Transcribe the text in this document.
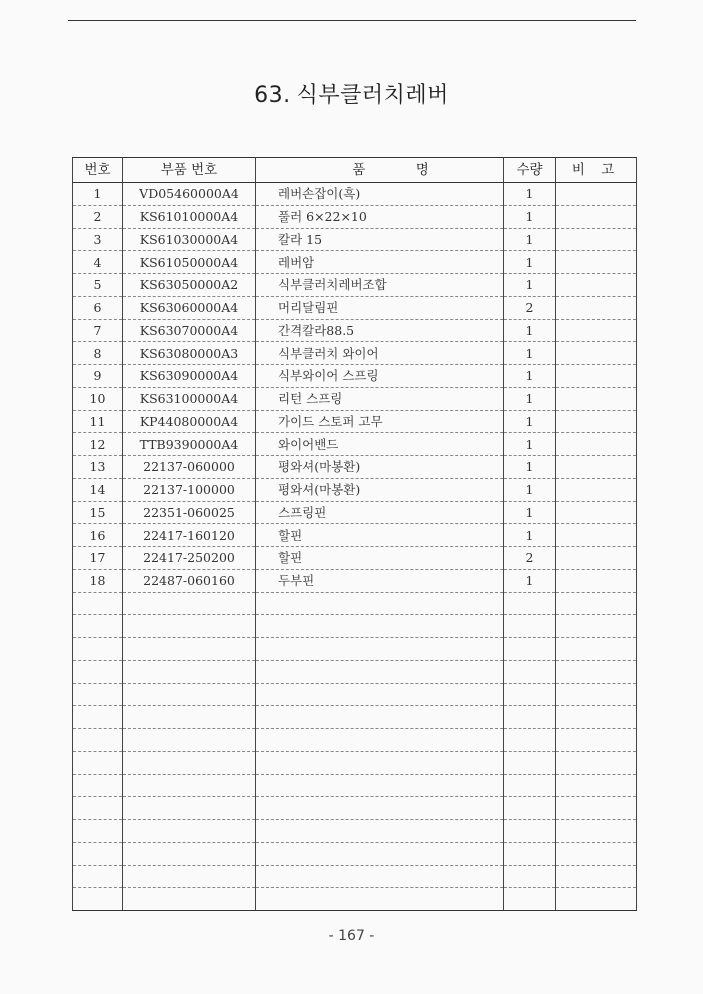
63. 식부클러치레버
번호	부품 번호	품 명	수량	비 고
1	VD05460000A4	레버손잡이(흑)	1	
2	KS61010000A4	풀러 6×22×10	1	
3	KS61030000A4	칼라 15	1	
4	KS61050000A4	레버암	1	
5	KS63050000A2	식부클러치레버조합	1	
6	KS63060000A4	머리달림핀	2	
7	KS63070000A4	간격칼라88.5	1	
8	KS63080000A3	식부클러치 와이어	1	
9	KS63090000A4	식부와이어 스프링	1	
10	KS63100000A4	리턴 스프링	1	
11	KP44080000A4	가이드 스토퍼 고무	1	
12	TTB9390000A4	와이어밴드	1	
13	22137-060000	평와셔(마봉환)	1	
14	22137-100000	평와셔(마봉환)	1	
15	22351-060025	스프링핀	1	
16	22417-160120	할핀	1	
17	22417-250200	할핀	2	
18	22487-060160	두부핀	1	

- 167 -
